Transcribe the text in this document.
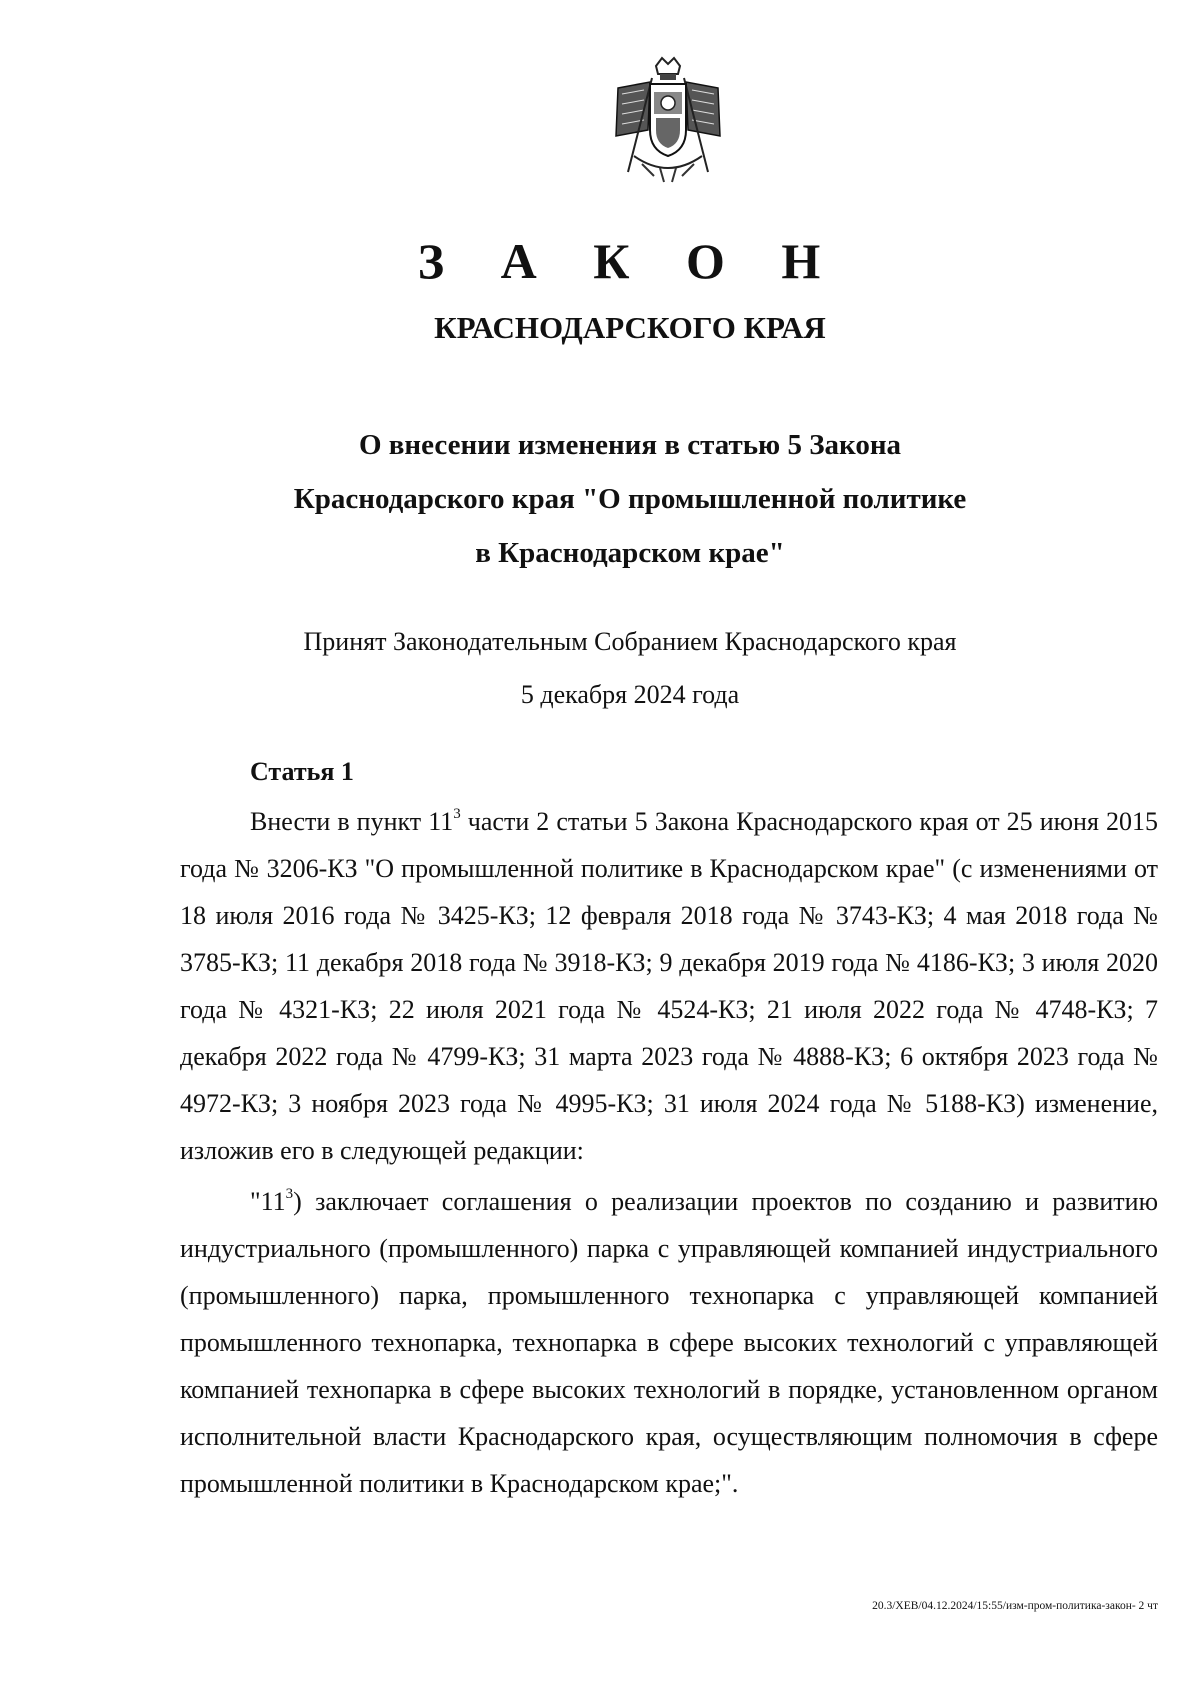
З А К О Н
КРАСНОДАРСКОГО КРАЯ
О внесении изменения в статью 5 Закона
Краснодарского края "О промышленной политике
в Краснодарском крае"
Принят Законодательным Собранием Краснодарского края
5 декабря 2024 года
Статья 1

Внести в пункт $11^3$ части 2 статьи 5 Закона Краснодарского края от 25 июня 2015 года № 3206-КЗ "О промышленной политике в Краснодарском крае" (с изменениями от 18 июля 2016 года № 3425-КЗ; 12 февраля 2018 года № 3743-КЗ; 4 мая 2018 года № 3785-КЗ; 11 декабря 2018 года № 3918-КЗ; 9 декабря 2019 года № 4186-КЗ; 3 июля 2020 года № 4321-КЗ; 22 июля 2021 года № 4524-КЗ; 21 июля 2022 года № 4748-КЗ; 7 декабря 2022 года № 4799-КЗ; 31 марта 2023 года № 4888-КЗ; 6 октября 2023 года № 4972-КЗ; 3 ноября 2023 года № 4995-КЗ; 31 июля 2024 года № 5188-КЗ) изменение, изложив его в следующей редакции:

"$11^3$) заключает соглашения о реализации проектов по созданию и развитию индустриального (промышленного) парка с управляющей компанией индустриального (промышленного) парка, промышленного технопарка с управляющей компанией промышленного технопарка, технопарка в сфере высоких технологий с управляющей компанией технопарка в сфере высоких технологий в порядке, установленном органом исполнительной власти Краснодарского края, осуществляющим полномочия в сфере промышленной политики в Краснодарском крае;".

20.3/ХЕВ/04.12.2024/15:55/изм-пром-политика-закон- 2 чт
